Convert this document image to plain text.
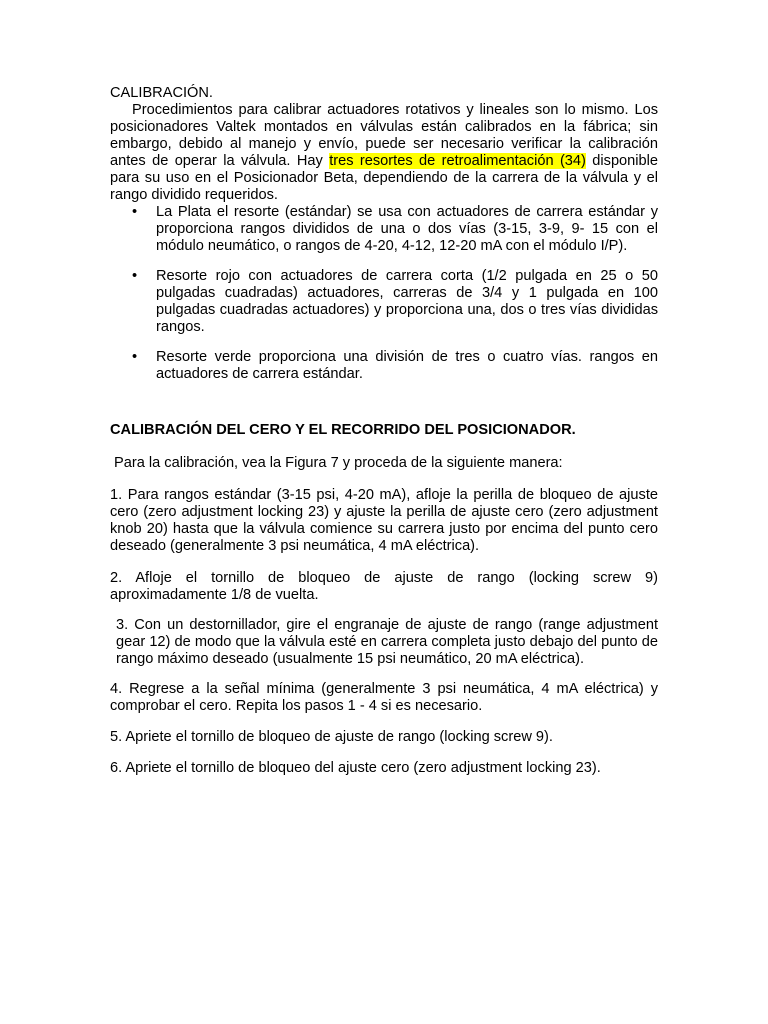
CALIBRACIÓN.

Procedimientos para calibrar actuadores rotativos y lineales son lo mismo. Los posicionadores Valtek montados en válvulas están calibrados en la fábrica; sin embargo, debido al manejo y envío, puede ser necesario verificar la calibración antes de operar la válvula. Hay tres resortes de retroalimentación (34) disponible para su uso en el Posicionador Beta, dependiendo de la carrera de la válvula y el rango dividido requeridos.

• La Plata el resorte (estándar) se usa con actuadores de carrera estándar y proporciona rangos divididos de una o dos vías (3-15, 3-9, 9- 15 con el módulo neumático, o rangos de 4-20, 4-12, 12-20 mA con el módulo I/P).
• Resorte rojo con actuadores de carrera corta (1/2 pulgada en 25 o 50 pulgadas cuadradas) actuadores, carreras de 3/4 y 1 pulgada en 100 pulgadas cuadradas actuadores) y proporciona una, dos o tres vías divididas rangos.
• Resorte verde proporciona una división de tres o cuatro vías. rangos en actuadores de carrera estándar.

CALIBRACIÓN DEL CERO Y EL RECORRIDO DEL POSICIONADOR.

Para la calibración, vea la Figura 7 y proceda de la siguiente manera:

1. Para rangos estándar (3-15 psi, 4-20 mA), afloje la perilla de bloqueo de ajuste cero (zero adjustment locking 23) y ajuste la perilla de ajuste cero (zero adjustment knob 20) hasta que la válvula comience su carrera justo por encima del punto cero deseado (generalmente 3 psi neumática, 4 mA eléctrica).

2. Afloje el tornillo de bloqueo de ajuste de rango (locking screw 9) aproximadamente 1/8 de vuelta.

3. Con un destornillador, gire el engranaje de ajuste de rango (range adjustment gear 12) de modo que la válvula esté en carrera completa justo debajo del punto de rango máximo deseado (usualmente 15 psi neumático, 20 mA eléctrica).

4. Regrese a la señal mínima (generalmente 3 psi neumática, 4 mA eléctrica) y comprobar el cero. Repita los pasos 1 - 4 si es necesario.

5. Apriete el tornillo de bloqueo de ajuste de rango (locking screw 9).

6. Apriete el tornillo de bloqueo del ajuste cero (zero adjustment locking 23).
